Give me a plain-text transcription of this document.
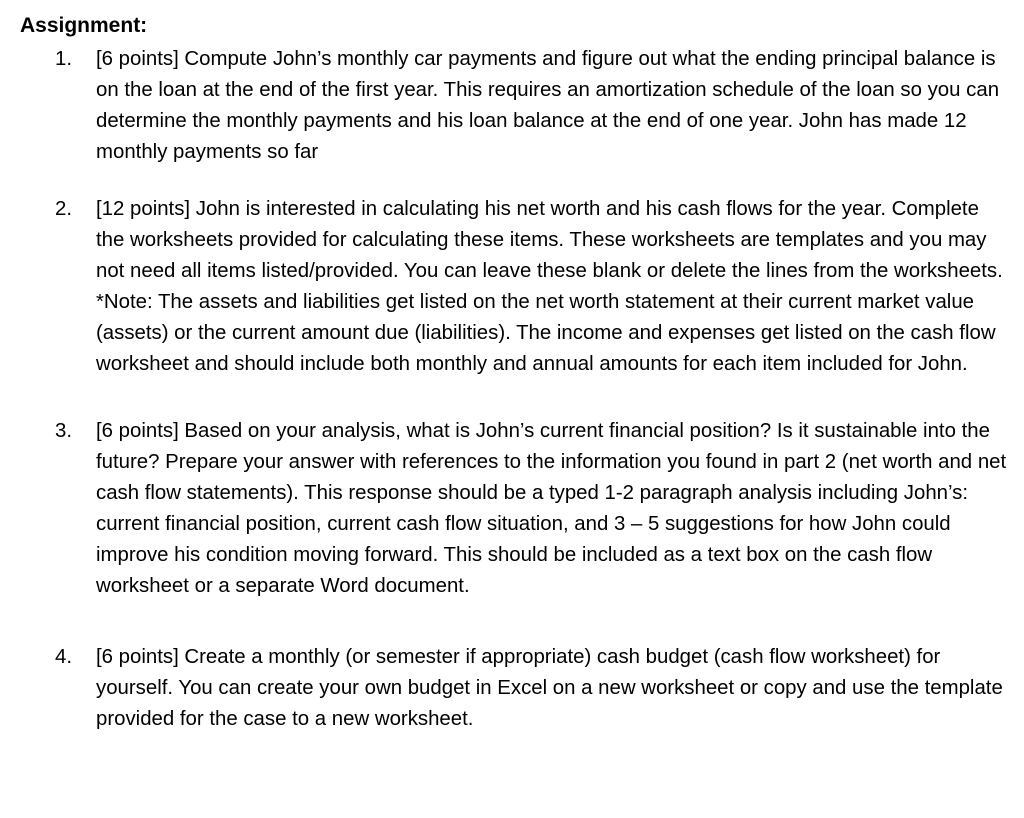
Assignment:
1. [6 points] Compute John’s monthly car payments and figure out what the ending principal balance is on the loan at the end of the first year. This requires an amortization schedule of the loan so you can determine the monthly payments and his loan balance at the end of one year. John has made 12 monthly payments so far
2. [12 points] John is interested in calculating his net worth and his cash flows for the year. Complete the worksheets provided for calculating these items. These worksheets are templates and you may not need all items listed/provided. You can leave these blank or delete the lines from the worksheets. *Note: The assets and liabilities get listed on the net worth statement at their current market value (assets) or the current amount due (liabilities). The income and expenses get listed on the cash flow worksheet and should include both monthly and annual amounts for each item included for John.
3. [6 points] Based on your analysis, what is John’s current financial position? Is it sustainable into the future? Prepare your answer with references to the information you found in part 2 (net worth and net cash flow statements). This response should be a typed 1-2 paragraph analysis including John’s: current financial position, current cash flow situation, and 3 – 5 suggestions for how John could improve his condition moving forward. This should be included as a text box on the cash flow worksheet or a separate Word document.
4. [6 points] Create a monthly (or semester if appropriate) cash budget (cash flow worksheet) for yourself. You can create your own budget in Excel on a new worksheet or copy and use the template provided for the case to a new worksheet.
